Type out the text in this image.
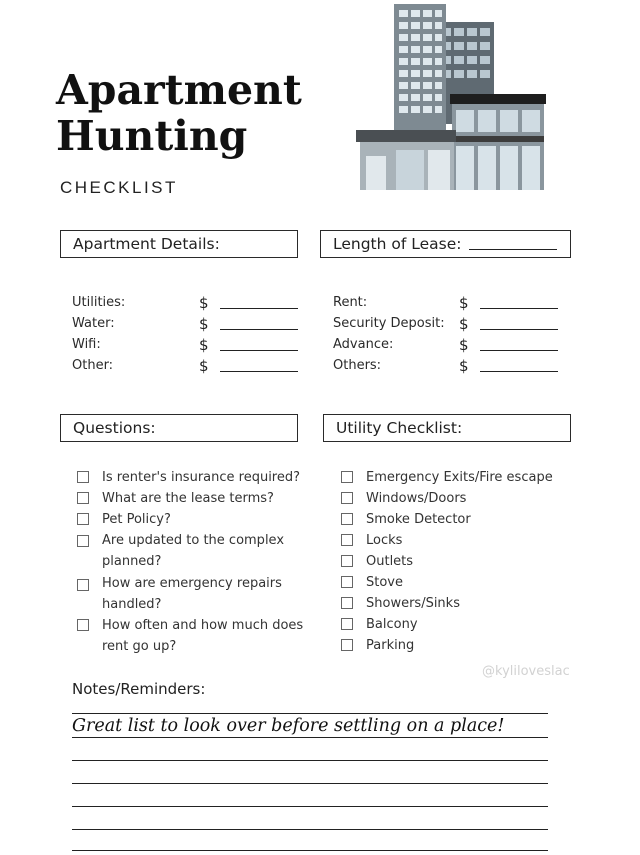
Apartment
Hunting
CHECKLIST
Apartment Details:	Length of Lease:
Utilities:
Water:
Wifi:
Other:
$
$
$
$
Rent:
Security Deposit:
Advance:
Others:
$
$
$
$
Questions:	Utility Checklist:
Is renter's insurance required?
What are the lease terms?
Pet Policy?
Are updated to the complex planned?
How are emergency repairs handled?
How often and how much does rent go up?
Emergency Exits/Fire escape
Windows/Doors
Smoke Detector
Locks
Outlets
Stove
Showers/Sinks
Balcony
Parking
@kyliloveslac
Notes/Reminders:
Great list to look over before settling on a place!
